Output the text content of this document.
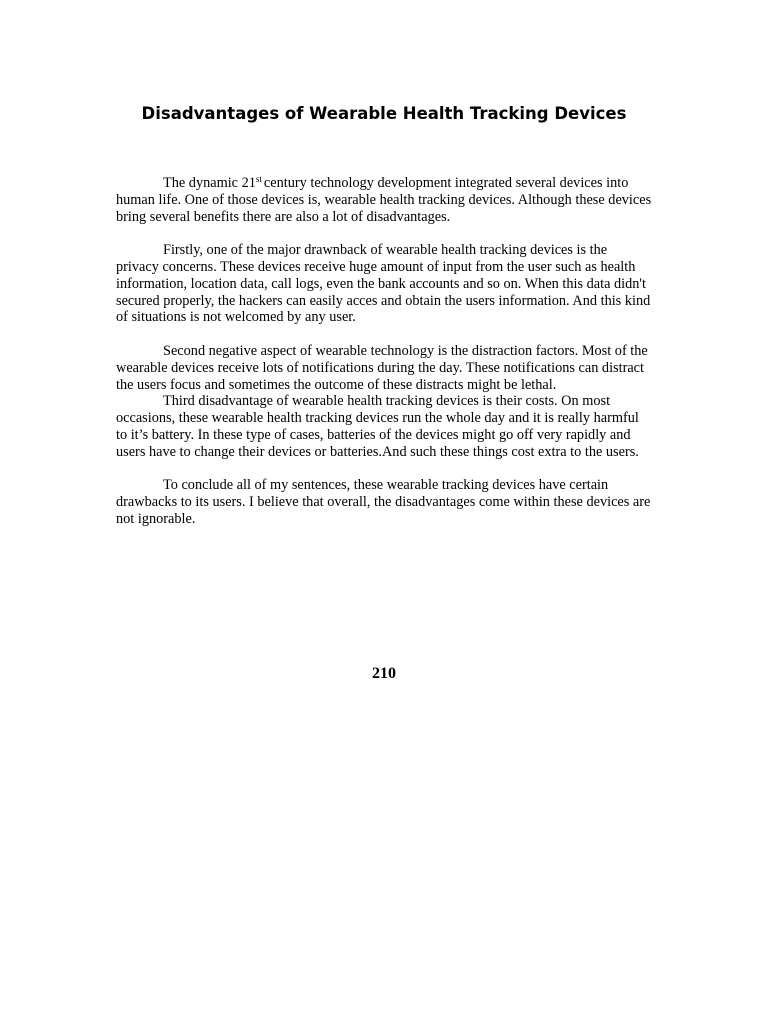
Disadvantages of Wearable Health Tracking Devices

The dynamic 21st century technology development integrated several devices into human life. One of those devices is, wearable health tracking devices. Although these devices bring several benefits there are also a lot of disadvantages.

Firstly, one of the major drawnback of wearable health tracking devices is the privacy concerns. These devices receive huge amount of input from the user such as health information, location data, call logs, even the bank accounts and so on. When this data didn't secured properly, the hackers can easily acces and obtain the users information. And this kind of situations is not welcomed by any user.

Second negative aspect of wearable technology is the distraction factors. Most of the wearable devices receive lots of notifications during the day. These notifications can distract the users focus and sometimes the outcome of these distracts might be lethal.

Third disadvantage of wearable health tracking devices is their costs. On most occasions, these wearable health tracking devices run the whole day and it is really harmful to it’s battery. In these type of cases, batteries of the devices might go off very rapidly and users have to change their devices or batteries.And such these things cost extra to the users.

To conclude all of my sentences, these wearable tracking devices have certain drawbacks to its users. I believe that overall, the disadvantages come within these devices are not ignorable.

210
